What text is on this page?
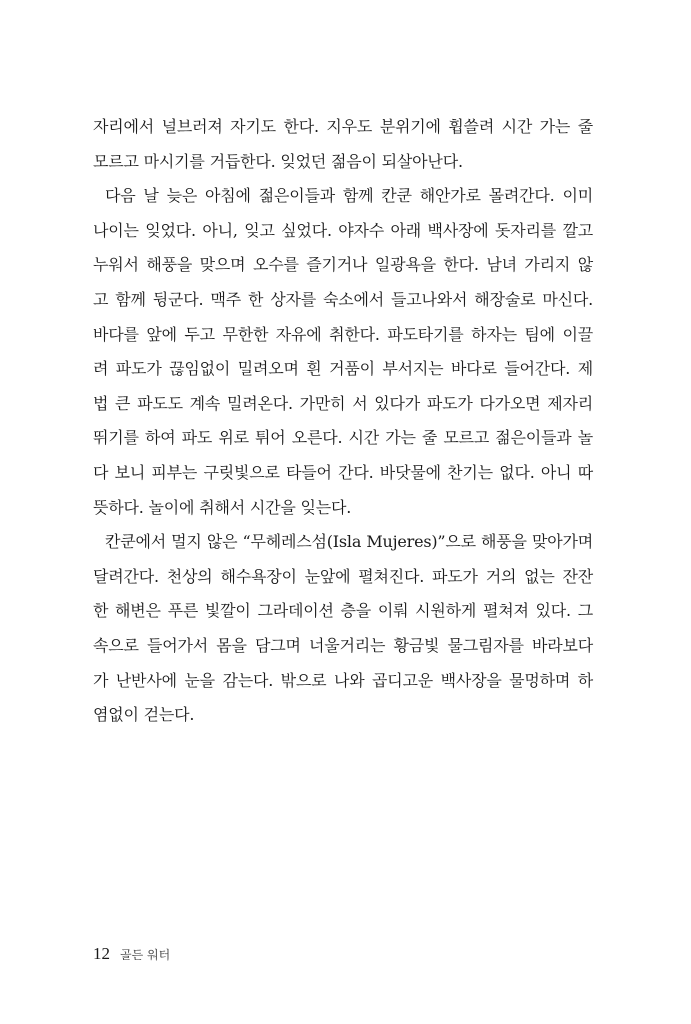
자리에서 널브러져 자기도 한다. 지우도 분위기에 휩쓸려 시간 가는 줄
모르고 마시기를 거듭한다. 잊었던 젊음이 되살아난다.
다음 날 늦은 아침에 젊은이들과 함께 칸쿤 해안가로 몰려간다. 이미
나이는 잊었다. 아니, 잊고 싶었다. 야자수 아래 백사장에 돗자리를 깔고
누워서 해풍을 맞으며 오수를 즐기거나 일광욕을 한다. 남녀 가리지 않
고 함께 뒹군다. 맥주 한 상자를 숙소에서 들고나와서 해장술로 마신다.
바다를 앞에 두고 무한한 자유에 취한다. 파도타기를 하자는 팀에 이끌
려 파도가 끊임없이 밀려오며 흰 거품이 부서지는 바다로 들어간다. 제
법 큰 파도도 계속 밀려온다. 가만히 서 있다가 파도가 다가오면 제자리
뛰기를 하여 파도 위로 튀어 오른다. 시간 가는 줄 모르고 젊은이들과 놀
다 보니 피부는 구릿빛으로 타들어 간다. 바닷물에 찬기는 없다. 아니 따
뜻하다. 놀이에 취해서 시간을 잊는다.
칸쿤에서 멀지 않은 “무헤레스섬(Isla Mujeres)”으로 해풍을 맞아가며
달려간다. 천상의 해수욕장이 눈앞에 펼쳐진다. 파도가 거의 없는 잔잔
한 해변은 푸른 빛깔이 그라데이션 층을 이뤄 시원하게 펼쳐져 있다. 그
속으로 들어가서 몸을 담그며 너울거리는 황금빛 물그림자를 바라보다
가 난반사에 눈을 감는다. 밖으로 나와 곱디고운 백사장을 물멍하며 하
염없이 걷는다.
12 골든 워터
